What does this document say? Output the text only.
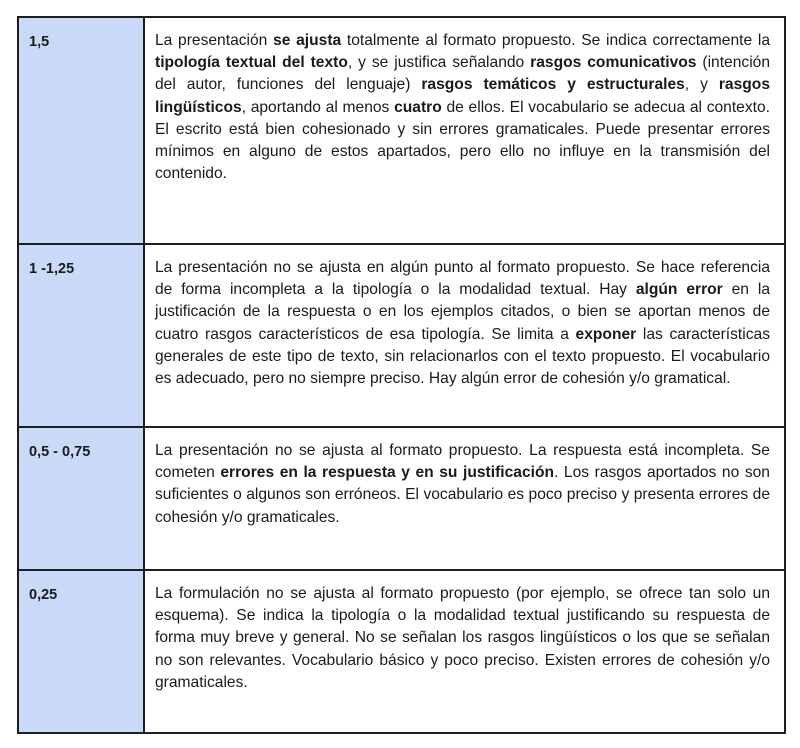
1,5	La presentación se ajusta totalmente al formato propuesto. Se indica correctamente la tipología textual del texto, y se justifica señalando rasgos comunicativos (intención del autor, funciones del lenguaje) rasgos temáticos y estructurales, y rasgos lingüísticos, aportando al menos cuatro de ellos. El vocabulario se adecua al contexto. El escrito está bien cohesionado y sin errores gramaticales. Puede presentar errores mínimos en alguno de estos apartados, pero ello no influye en la transmisión del contenido.
1 -1,25	La presentación no se ajusta en algún punto al formato propuesto. Se hace referencia de forma incompleta a la tipología o la modalidad textual. Hay algún error en la justificación de la respuesta o en los ejemplos citados, o bien se aportan menos de cuatro rasgos característicos de esa tipología. Se limita a exponer las características generales de este tipo de texto, sin relacionarlos con el texto propuesto. El vocabulario es adecuado, pero no siempre preciso. Hay algún error de cohesión y/o gramatical.
0,5 - 0,75	La presentación no se ajusta al formato propuesto. La respuesta está incompleta. Se cometen errores en la respuesta y en su justificación. Los rasgos aportados no son suficientes o algunos son erróneos. El vocabulario es poco preciso y presenta errores de cohesión y/o gramaticales.
0,25	La formulación no se ajusta al formato propuesto (por ejemplo, se ofrece tan solo un esquema). Se indica la tipología o la modalidad textual justificando su respuesta de forma muy breve y general. No se señalan los rasgos lingüísticos o los que se señalan no son relevantes. Vocabulario básico y poco preciso. Existen errores de cohesión y/o gramaticales.
